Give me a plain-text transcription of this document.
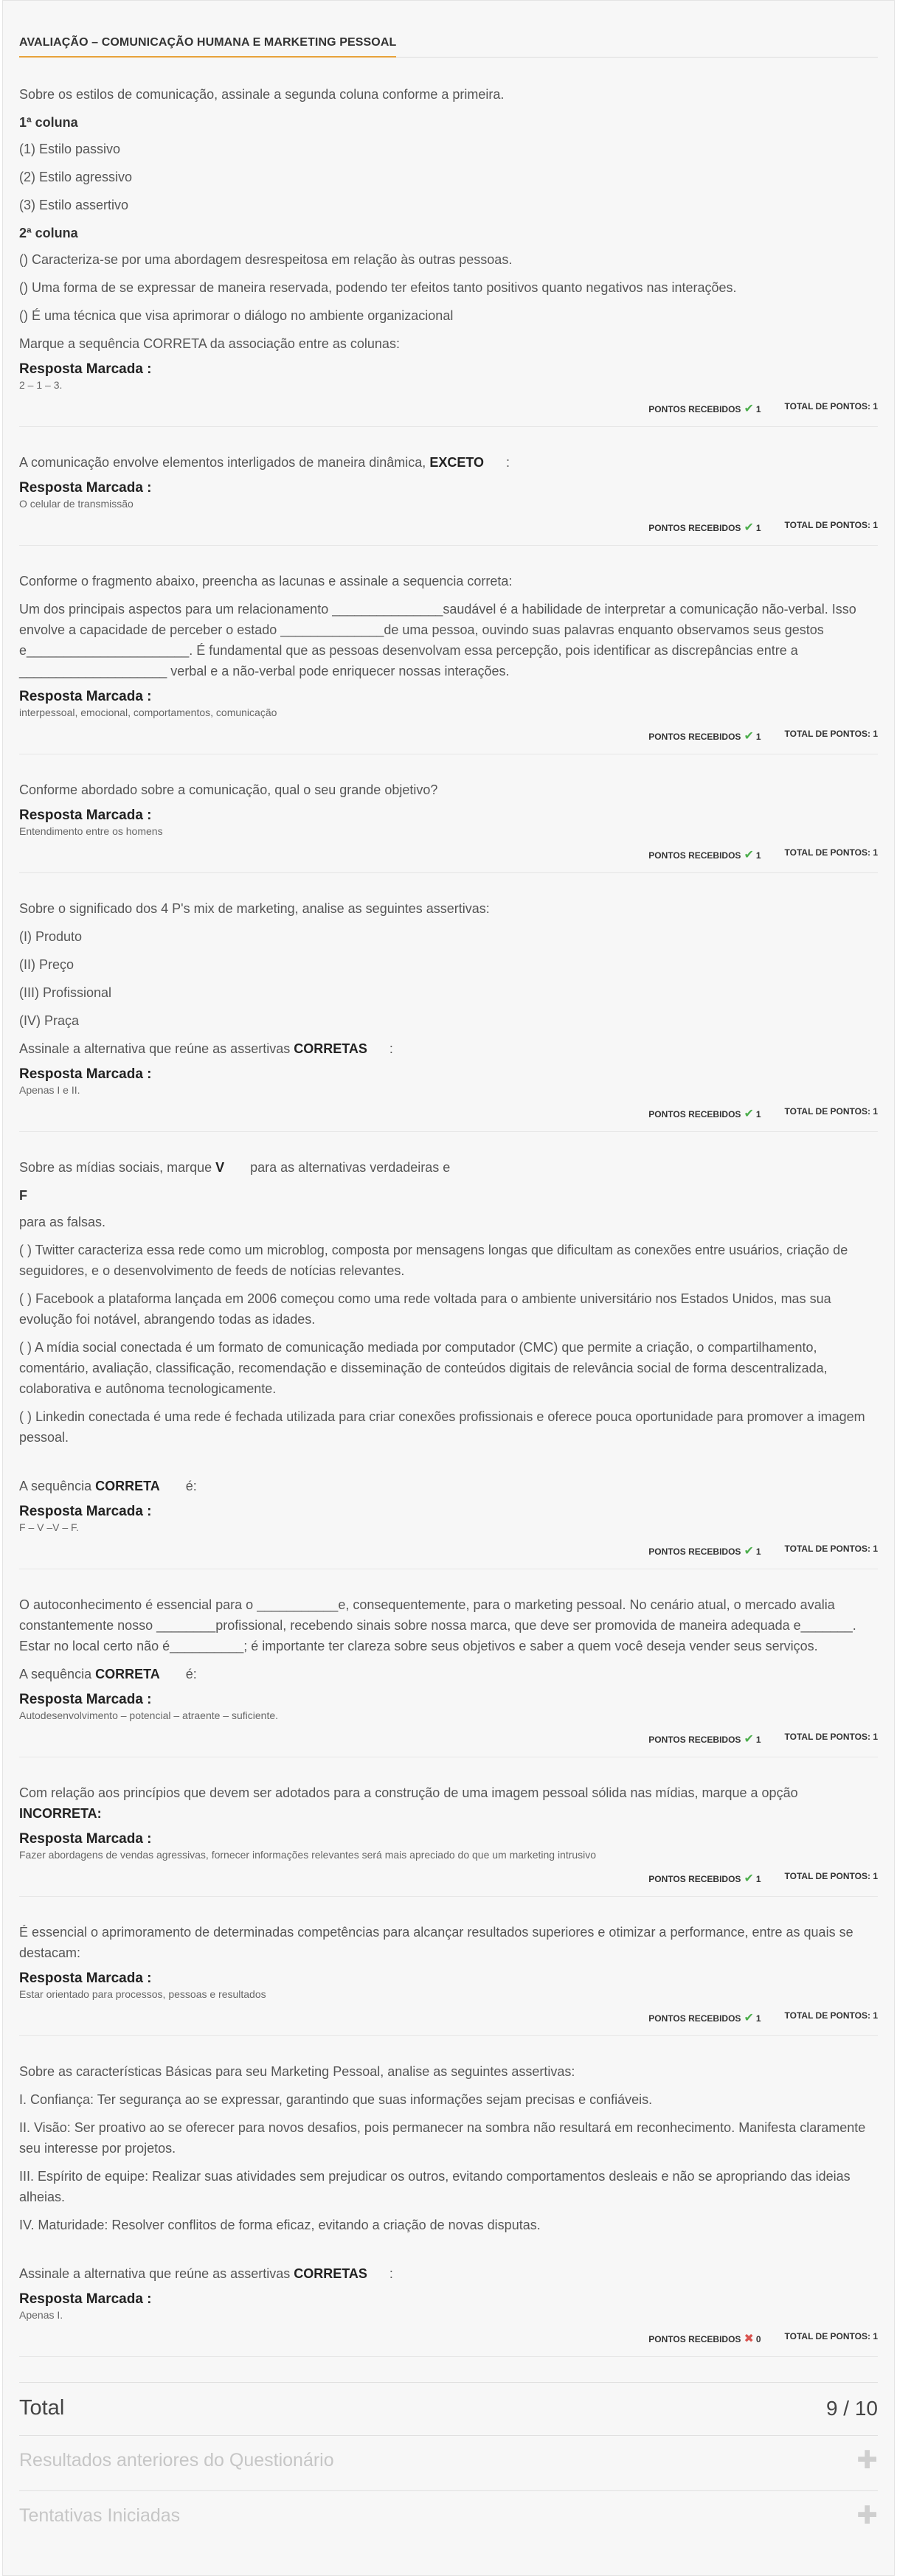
AVALIAÇÃO – COMUNICAÇÃO HUMANA E MARKETING PESSOAL
Sobre os estilos de comunicação, assinale a segunda coluna conforme a primeira.
1ª coluna
(1) Estilo passivo
(2) Estilo agressivo
(3) Estilo assertivo
2ª coluna
() Caracteriza-se por uma abordagem desrespeitosa em relação às outras pessoas.
() Uma forma de se expressar de maneira reservada, podendo ter efeitos tanto positivos quanto negativos nas interações.
() É uma técnica que visa aprimorar o diálogo no ambiente organizacional
Marque a sequência CORRETA da associação entre as colunas:
Resposta Marcada :
2 – 1 – 3.
PONTOS RECEBIDOS ✔ 1	TOTAL DE PONTOS: 1
A comunicação envolve elementos interligados de maneira dinâmica, EXCETO      :
Resposta Marcada :
O celular de transmissão
PONTOS RECEBIDOS ✔ 1	TOTAL DE PONTOS: 1
Conforme o fragmento abaixo, preencha as lacunas e assinale a sequencia correta:
Um dos principais aspectos para um relacionamento _______________saudável é a habilidade de interpretar a comunicação não-verbal. Isso envolve a capacidade de perceber o estado ______________de uma pessoa, ouvindo suas palavras enquanto observamos seus gestos e______________________. É fundamental que as pessoas desenvolvam essa percepção, pois identificar as discrepâncias entre a ____________________ verbal e a não-verbal pode enriquecer nossas interações.
Resposta Marcada :
interpessoal, emocional, comportamentos, comunicação
PONTOS RECEBIDOS ✔ 1	TOTAL DE PONTOS: 1
Conforme abordado sobre a comunicação, qual o seu grande objetivo?
Resposta Marcada :
Entendimento entre os homens
PONTOS RECEBIDOS ✔ 1	TOTAL DE PONTOS: 1
Sobre o significado dos 4 P's mix de marketing, analise as seguintes assertivas:
(I) Produto
(II) Preço
(III) Profissional
(IV) Praça
Assinale a alternativa que reúne as assertivas CORRETAS      :
Resposta Marcada :
Apenas I e II.
PONTOS RECEBIDOS ✔ 1	TOTAL DE PONTOS: 1
Sobre as mídias sociais, marque V       para as alternativas verdadeiras e
F
para as falsas.
( ) Twitter caracteriza essa rede como um microblog, composta por mensagens longas que dificultam as conexões entre usuários, criação de seguidores, e o desenvolvimento de feeds de notícias relevantes.
( ) Facebook a plataforma lançada em 2006 começou como uma rede voltada para o ambiente universitário nos Estados Unidos, mas sua evolução foi notável, abrangendo todas as idades.
( ) A mídia social conectada é um formato de comunicação mediada por computador (CMC) que permite a criação, o compartilhamento, comentário, avaliação, classificação, recomendação e disseminação de conteúdos digitais de relevância social de forma descentralizada, colaborativa e autônoma tecnologicamente.
( ) Linkedin conectada é uma rede é fechada utilizada para criar conexões profissionais e oferece pouca oportunidade para promover a imagem pessoal.
A sequência CORRETA       é:
Resposta Marcada :
F – V –V – F.
PONTOS RECEBIDOS ✔ 1	TOTAL DE PONTOS: 1
O autoconhecimento é essencial para o ___________e, consequentemente, para o marketing pessoal. No cenário atual, o mercado avalia constantemente nosso ________profissional, recebendo sinais sobre nossa marca, que deve ser promovida de maneira adequada e_______. Estar no local certo não é__________; é importante ter clareza sobre seus objetivos e saber a quem você deseja vender seus serviços.
A sequência CORRETA       é:
Resposta Marcada :
Autodesenvolvimento – potencial – atraente – suficiente.
PONTOS RECEBIDOS ✔ 1	TOTAL DE PONTOS: 1
Com relação aos princípios que devem ser adotados para a construção de uma imagem pessoal sólida nas mídias, marque a opção INCORRETA:
Resposta Marcada :
Fazer abordagens de vendas agressivas, fornecer informações relevantes será mais apreciado do que um marketing intrusivo
PONTOS RECEBIDOS ✔ 1	TOTAL DE PONTOS: 1
É essencial o aprimoramento de determinadas competências para alcançar resultados superiores e otimizar a performance, entre as quais se destacam:
Resposta Marcada :
Estar orientado para processos, pessoas e resultados
PONTOS RECEBIDOS ✔ 1	TOTAL DE PONTOS: 1
Sobre as características Básicas para seu Marketing Pessoal, analise as seguintes assertivas:
I. Confiança: Ter segurança ao se expressar, garantindo que suas informações sejam precisas e confiáveis.
II. Visão: Ser proativo ao se oferecer para novos desafios, pois permanecer na sombra não resultará em reconhecimento. Manifesta claramente seu interesse por projetos.
III. Espírito de equipe: Realizar suas atividades sem prejudicar os outros, evitando comportamentos desleais e não se apropriando das ideias alheias.
IV. Maturidade: Resolver conflitos de forma eficaz, evitando a criação de novas disputas.
Assinale a alternativa que reúne as assertivas CORRETAS      :
Resposta Marcada :
Apenas I.
PONTOS RECEBIDOS ✖ 0	TOTAL DE PONTOS: 1
Total	9 / 10
Resultados anteriores do Questionário	✚
Tentativas Iniciadas	✚
